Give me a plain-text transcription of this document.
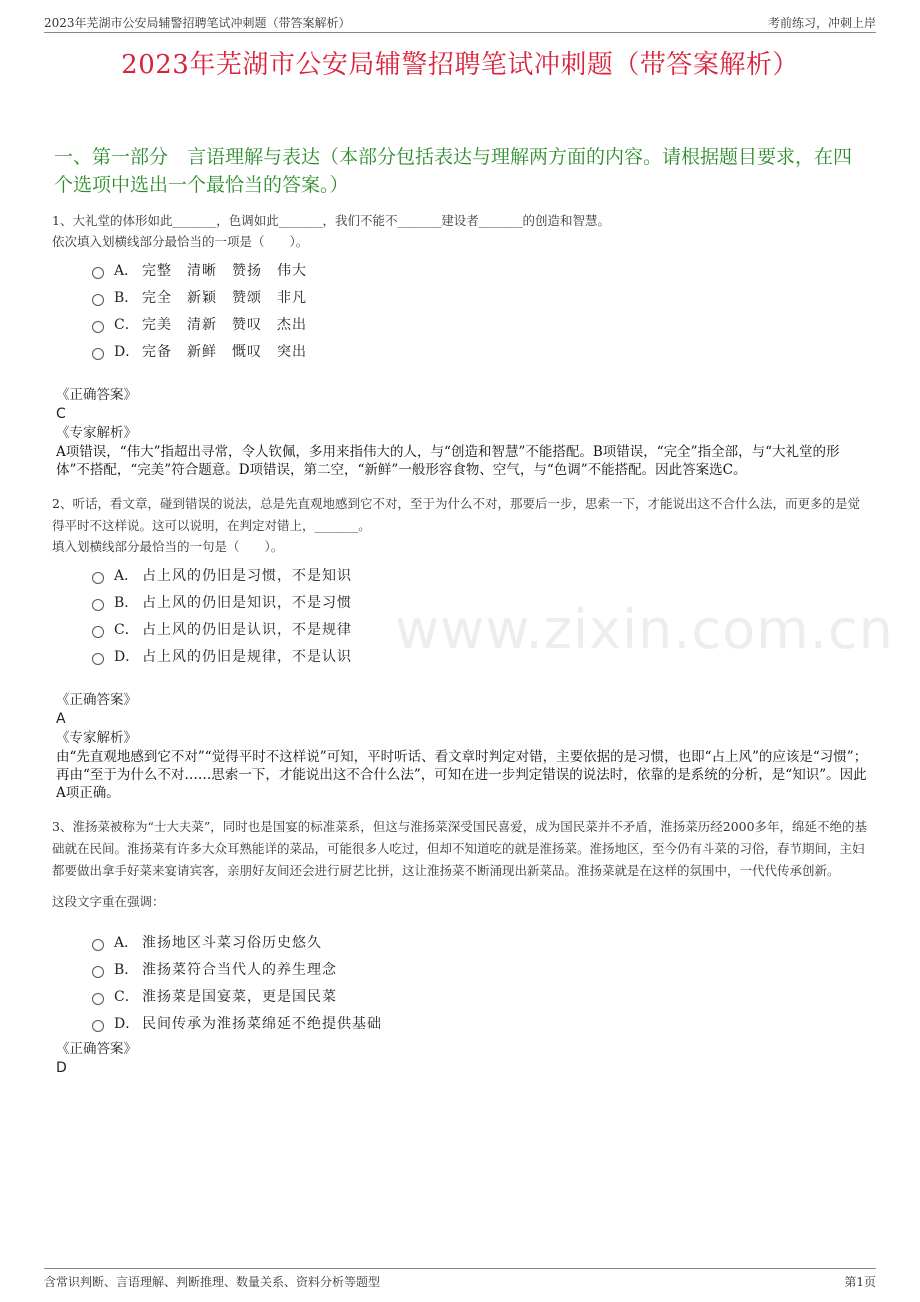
2023年芜湖市公安局辅警招聘笔试冲刺题（带答案解析）	考前练习，冲刺上岸
2023年芜湖市公安局辅警招聘笔试冲刺题（带答案解析）
一、第一部分　言语理解与表达（本部分包括表达与理解两方面的内容。请根据题目要求，在四个选项中选出一个最恰当的答案。）
www.zixin.com.cn

1、大礼堂的体形如此_______，色调如此_______，我们不能不_______建设者_______的创造和智慧。

依次填入划横线部分最恰当的一项是（　　）。

A． 完整　清晰　赞扬　伟大
B． 完全　新颖　赞颂　非凡
C． 完美　清新　赞叹　杰出
D． 完备　新鲜　慨叹　突出

《正确答案》

C

《专家解析》

A项错误，“伟大”指超出寻常，令人钦佩，多用来指伟大的人，与“创造和智慧”不能搭配。B项错误，“完全”指全部，与“大礼堂的形体”不搭配，“完美”符合题意。D项错误，第二空，“新鲜”一般形容食物、空气，与“色调”不能搭配。因此答案选C。

2、听话，看文章，碰到错误的说法，总是先直观地感到它不对，至于为什么不对，那要后一步，思索一下，才能说出这不合什么法，而更多的是觉得平时不这样说。这可以说明，在判定对错上，_______。

填入划横线部分最恰当的一句是（　　）。

A． 占上风的仍旧是习惯，不是知识
B． 占上风的仍旧是知识，不是习惯
C． 占上风的仍旧是认识，不是规律
D． 占上风的仍旧是规律，不是认识

《正确答案》

A

《专家解析》

由“先直观地感到它不对”“觉得平时不这样说”可知，平时听话、看文章时判定对错，主要依据的是习惯，也即“占上风”的应该是“习惯”；再由“至于为什么不对……思索一下，才能说出这不合什么法”，可知在进一步判定错误的说法时，依靠的是系统的分析，是“知识”。因此A项正确。

3、淮扬菜被称为“士大夫菜”，同时也是国宴的标准菜系，但这与淮扬菜深受国民喜爱，成为国民菜并不矛盾，淮扬菜历经2000多年，绵延不绝的基础就在民间。淮扬菜有许多大众耳熟能详的菜品，可能很多人吃过，但却不知道吃的就是淮扬菜。淮扬地区，至今仍有斗菜的习俗，春节期间，主妇都要做出拿手好菜来宴请宾客，亲朋好友间还会进行厨艺比拼，这让淮扬菜不断涌现出新菜品。淮扬菜就是在这样的氛围中，一代代传承创新。

这段文字重在强调：

A． 淮扬地区斗菜习俗历史悠久
B． 淮扬菜符合当代人的养生理念
C． 淮扬菜是国宴菜，更是国民菜
D． 民间传承为淮扬菜绵延不绝提供基础

《正确答案》

D

含常识判断、言语理解、判断推理、数量关系、资料分析等题型	第1页
